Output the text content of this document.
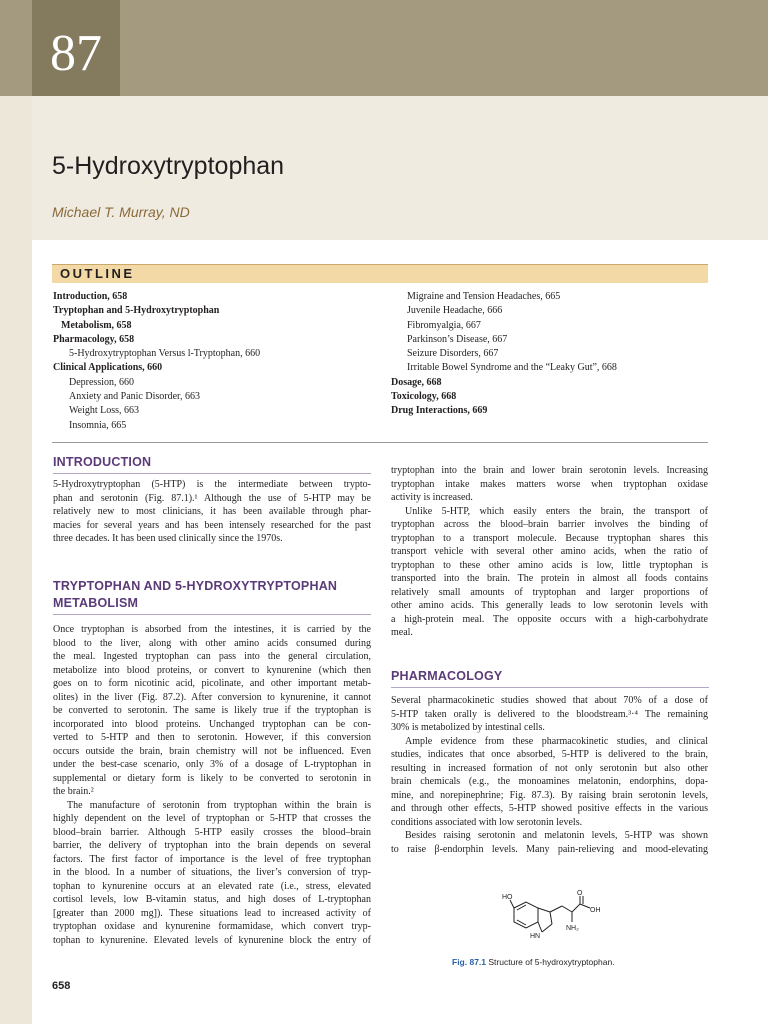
87
5-Hydroxytryptophan
Michael T. Murray, ND
OUTLINE
Introduction, 658
Tryptophan and 5-Hydroxytryptophan
Metabolism, 658
Pharmacology, 658
5-Hydroxytryptophan Versus l-Tryptophan, 660
Clinical Applications, 660
Depression, 660
Anxiety and Panic Disorder, 663
Weight Loss, 663
Insomnia, 665
Migraine and Tension Headaches, 665
Juvenile Headache, 666
Fibromyalgia, 667
Parkinson’s Disease, 667
Seizure Disorders, 667
Irritable Bowel Syndrome and the “Leaky Gut”, 668
Dosage, 668
Toxicology, 668
Drug Interactions, 669
INTRODUCTION
5-Hydroxytryptophan (5-HTP) is the intermediate between trypto-
phan and serotonin (Fig. 87.1).¹ Although the use of 5-HTP may be
relatively new to most clinicians, it has been available through phar-
macies for several years and has been intensely researched for the past
three decades. It has been used clinically since the 1970s.
TRYPTOPHAN AND 5-HYDROXYTRYPTOPHAN
METABOLISM
Once tryptophan is absorbed from the intestines, it is carried by the
blood to the liver, along with other amino acids consumed during
the meal. Ingested tryptophan can pass into the general circulation,
metabolize into blood proteins, or convert to kynurenine (which then
goes on to form nicotinic acid, picolinate, and other important metab-
olites) in the liver (Fig. 87.2). After conversion to kynurenine, it cannot
be converted to serotonin. The same is likely true if the tryptophan is
incorporated into blood proteins. Unchanged tryptophan can be con-
verted to 5-HTP and then to serotonin. However, if this conversion
occurs outside the brain, brain chemistry will not be influenced. Even
under the best-case scenario, only 3% of a dosage of L-tryptophan in
supplemental or dietary form is likely to be converted to serotonin in
the brain.²
The manufacture of serotonin from tryptophan within the brain is
highly dependent on the level of tryptophan or 5-HTP that crosses the
blood–brain barrier. Although 5-HTP easily crosses the blood–brain
barrier, the delivery of tryptophan into the brain depends on several
factors. The first factor of importance is the level of free tryptophan
in the blood. In a number of situations, the liver’s conversion of tryp-
tophan to kynurenine occurs at an elevated rate (i.e., stress, elevated
cortisol levels, low B-vitamin status, and high doses of L-tryptophan
[greater than 2000 mg]). These situations lead to increased activity of
tryptophan oxidase and kynurenine formamidase, which convert tryp-
tophan to kynurenine. Elevated levels of kynurenine block the entry of
tryptophan into the brain and lower brain serotonin levels. Increasing
tryptophan intake makes matters worse when tryptophan oxidase
activity is increased.
Unlike 5-HTP, which easily enters the brain, the transport of
tryptophan across the blood–brain barrier involves the binding of
tryptophan to a transport molecule. Because tryptophan shares this
transport vehicle with several other amino acids, when the ratio of
tryptophan to these other amino acids is low, little tryptophan is
transported into the brain. The protein in almost all foods contains
relatively small amounts of tryptophan and larger proportions of
other amino acids. This generally leads to low serotonin levels with
a high-protein meal. The opposite occurs with a high-carbohydrate
meal.
PHARMACOLOGY
Several pharmacokinetic studies showed that about 70% of a dose of
5-HTP taken orally is delivered to the bloodstream.³·⁴ The remaining
30% is metabolized by intestinal cells.
Ample evidence from these pharmacokinetic studies, and clinical
studies, indicates that once absorbed, 5-HTP is delivered to the brain,
resulting in increased formation of not only serotonin but also other
brain chemicals (e.g., the monoamines melatonin, endorphins, dopa-
mine, and norepinephrine; Fig. 87.3). By raising brain serotonin levels,
and through other effects, 5-HTP showed positive effects in the various
conditions associated with low serotonin levels.
Besides raising serotonin and melatonin levels, 5-HTP was shown
to raise β-endorphin levels. Many pain-relieving and mood-elevating
HO
O
OH
HN
NH₂
Fig. 87.1 Structure of 5-hydroxytryptophan.
658
